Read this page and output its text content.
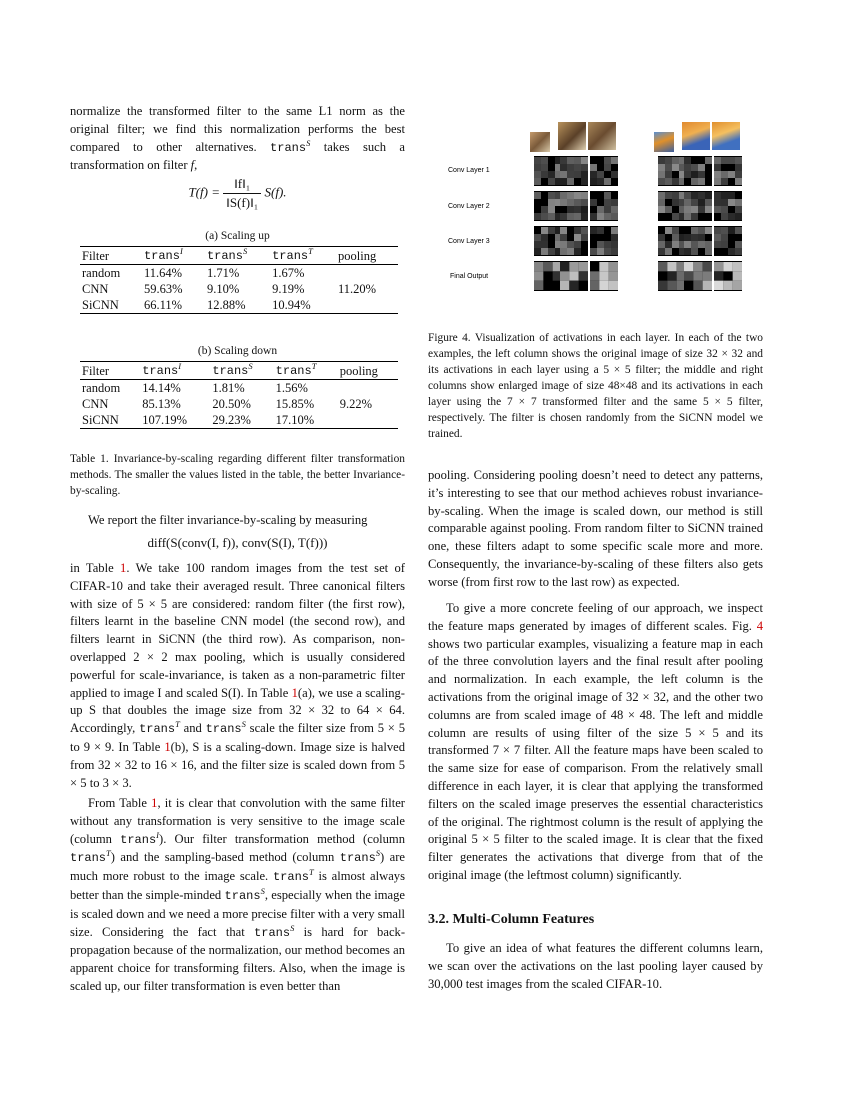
normalize the transformed filter to the same L1 norm as the original filter; we find this normalization performs the best compared to other alternatives. trans$^S$ takes such a transformation on filter f,

$T(f) = \frac{\text{‖f‖₁}}{\text{‖S(f)‖₁}} S(f)$.
(a) Scaling up
Filter	trans$^I$	trans$^S$	trans$^T$	pooling
random	11.64%	1.71%	1.67%	
CNN	59.63%	9.10%	9.19%	11.20%
SiCNN	66.11%	12.88%	10.94%	
(b) Scaling down
Filter	trans$^I$	trans$^S$	trans$^T$	pooling
random	14.14%	1.81%	1.56%	
CNN	85.13%	20.50%	15.85%	9.22%
SiCNN	107.19%	29.23%	17.10%	

Table 1. Invariance-by-scaling regarding different filter transformation methods. The smaller the values listed in the table, the better Invariance-by-scaling.

We report the filter invariance-by-scaling by measuring

diff(S(conv(I, f)), conv(S(I), T(f)))

in Table 1. We take 100 random images from the test set of CIFAR-10 and take their averaged result. Three canonical filters with size of 5 × 5 are considered: random filter (the first row), filters learnt in the baseline CNN model (the second row), and filters learnt in SiCNN (the third row). As comparison, non-overlapped 2 × 2 max pooling, which is usually considered powerful for scale-invariance, is taken as a non-parametric filter applied to image I and scaled S(I). In Table 1(a), we use a scaling-up S that doubles the image size from 32 × 32 to 64 × 64. Accordingly, trans$^T$ and trans$^S$ scale the filter size from 5 × 5 to 9 × 9. In Table 1(b), S is a scaling-down. Image size is halved from 32 × 32 to 16 × 16, and the filter size is scaled down from 5 × 5 to 3 × 3.

From Table 1, it is clear that convolution with the same filter without any transformation is very sensitive to the image scale (column trans$^I$). Our filter transformation method (column trans$^T$) and the sampling-based method (column trans$^S$) are much more robust to the image scale. trans$^T$ is almost always better than the simple-minded trans$^S$, especially when the image is scaled down and we need a more precise filter with a very small size. Considering the fact that trans$^S$ is hard for back-propagation because of the normalization, our method becomes an apparent choice for transforming filters. Also, when the image is scaled up, our filter transformation is even better than

Conv Layer 1
Conv Layer 2
Conv Layer 3
Final Output

Figure 4. Visualization of activations in each layer. In each of the two examples, the left column shows the original image of size 32 × 32 and its activations in each layer using a 5 × 5 filter; the middle and right columns show enlarged image of size 48×48 and its activations in each layer using the 7 × 7 transformed filter and the same 5 × 5 filter, respectively. The filter is chosen randomly from the SiCNN model we trained.

pooling. Considering pooling doesn’t need to detect any patterns, it’s interesting to see that our method achieves robust invariance-by-scaling. When the image is scaled down, our method is still comparable against pooling. From random filter to SiCNN trained one, these filters adapt to some specific scale more and more. Consequently, the invariance-by-scaling of these filters also gets worse (from first row to the last row) as expected.

To give a more concrete feeling of our approach, we inspect the feature maps generated by images of different scales. Fig. 4 shows two particular examples, visualizing a feature map in each of the three convolution layers and the final result after pooling and normalization. In each example, the left column is the activations from the original image of 32 × 32, and the other two columns are from scaled image of 48 × 48. The left and middle column are results of using filter of the size 5 × 5 and its transformed 7 × 7 filter. All the feature maps have been scaled to the same size for ease of comparison. From the relatively small difference in each layer, it is clear that applying the transformed filters on the scaled image preserves the essential characteristics of the original. The rightmost column is the result of applying the original 5 × 5 filter to the scaled image. It is clear that the fixed filter generates the activations that diverge from that of the original image (the leftmost column) significantly.

3.2. Multi-Column Features

To give an idea of what features the different columns learn, we scan over the activations on the last pooling layer caused by 30,000 test images from the scaled CIFAR-10.
